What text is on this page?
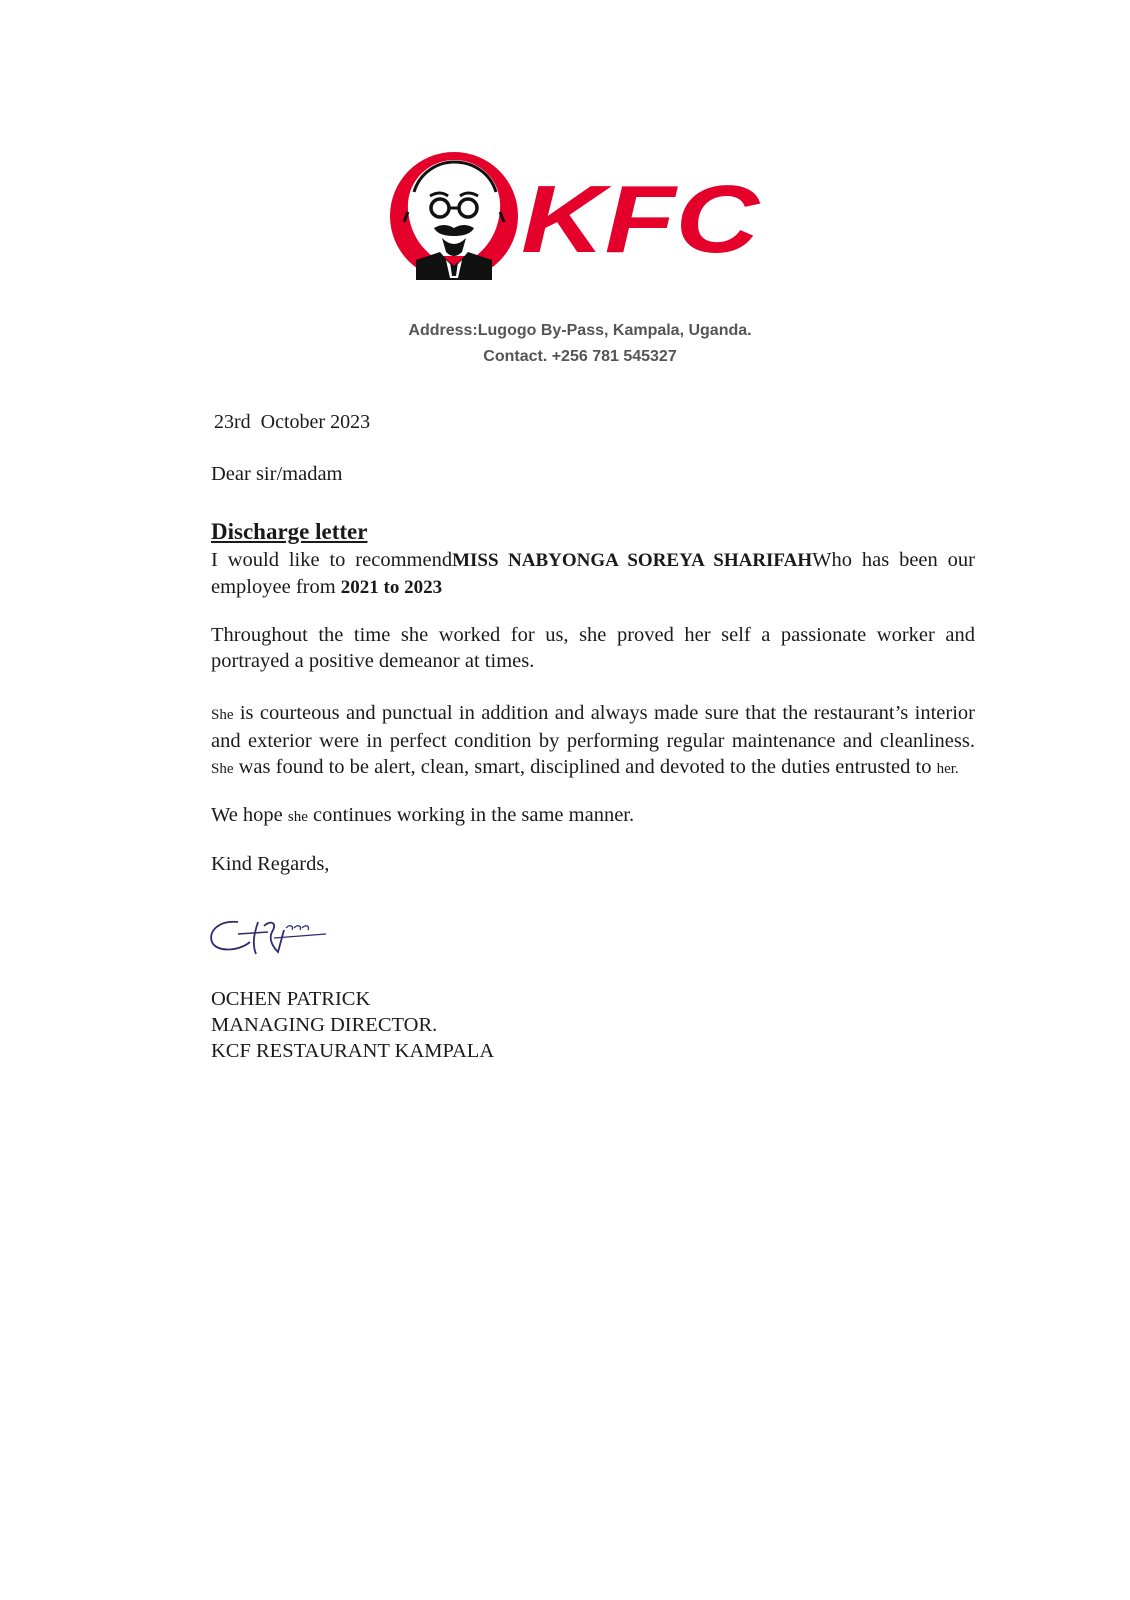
KFC
Address:Lugogo By-Pass, Kampala, Uganda.
Contact. +256 781 545327
23rd  October 2023
Dear sir/madam
Discharge letter
I would like to recommendMISS NABYONGA SOREYA SHARIFAHWho has been our employee from 2021 to 2023
Throughout the time she worked for us, she proved her self a passionate worker and portrayed a positive demeanor at times.
She is courteous and punctual in addition and always made sure that the restaurant’s interior and exterior were in perfect condition by performing regular maintenance and cleanliness. She was found to be alert, clean, smart, disciplined and devoted to the duties entrusted to her.
We hope she continues working in the same manner.
Kind Regards,
OCHEN PATRICK
MANAGING DIRECTOR.
KCF RESTAURANT KAMPALA
